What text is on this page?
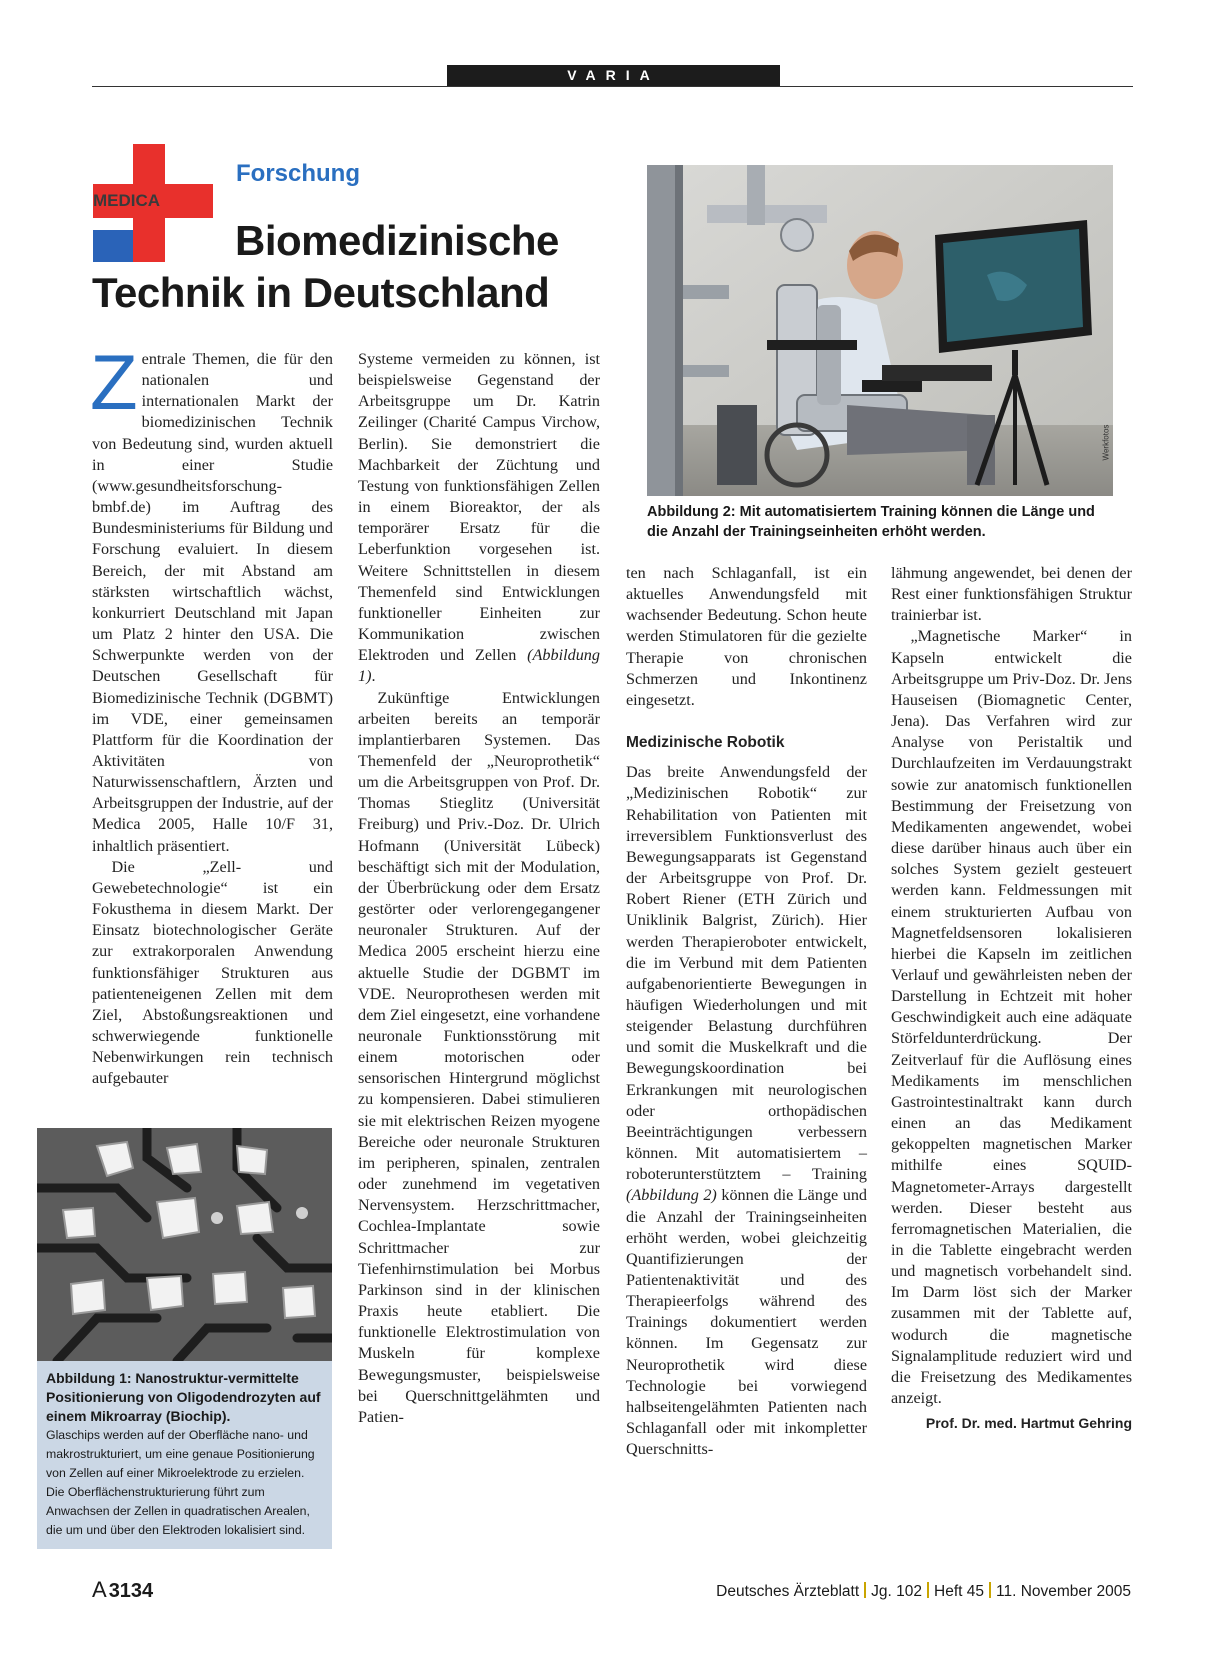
VARIA
MEDICA
Forschung
Biomedizinische
Technik in Deutschland

Zentrale Themen, die für den nationalen und internationalen Markt der biomedizinischen Technik von Bedeutung sind, wurden aktuell in einer Studie (www.gesundheitsforschung-bmbf.de) im Auftrag des Bundesministeriums für Bildung und Forschung evaluiert. In diesem Bereich, der mit Abstand am stärksten wirtschaftlich wächst, konkurriert Deutschland mit Japan um Platz 2 hinter den USA. Die Schwerpunkte werden von der Deutschen Gesellschaft für Biomedizinische Technik (DGBMT) im VDE, einer gemeinsamen Plattform für die Koordination der Aktivitäten von Naturwissenschaftlern, Ärzten und Arbeitsgruppen der Industrie, auf der Medica 2005, Halle 10/F 31, inhaltlich präsentiert.

Die „Zell- und Gewebetechnologie“ ist ein Fokusthema in diesem Markt. Der Einsatz biotechnologischer Geräte zur extrakorporalen Anwendung funktionsfähiger Strukturen aus patienteneigenen Zellen mit dem Ziel, Abstoßungsreaktionen und schwerwiegende funktionelle Nebenwirkungen rein technisch aufgebauter

Systeme vermeiden zu können, ist beispielsweise Gegenstand der Arbeitsgruppe um Dr. Katrin Zeilinger (Charité Campus Virchow, Berlin). Sie demonstriert die Machbarkeit der Züchtung und Testung von funktionsfähigen Zellen in einem Bioreaktor, der als temporärer Ersatz für die Leberfunktion vorgesehen ist. Weitere Schnittstellen in diesem Themenfeld sind Entwicklungen funktioneller Einheiten zur Kommunikation zwischen Elektroden und Zellen (Abbildung 1).

Zukünftige Entwicklungen arbeiten bereits an temporär implantierbaren Systemen. Das Themenfeld der „Neuroprothetik“ um die Arbeitsgruppen von Prof. Dr. Thomas Stieglitz (Universität Freiburg) und Priv.-Doz. Dr. Ulrich Hofmann (Universität Lübeck) beschäftigt sich mit der Modulation, der Überbrückung oder dem Ersatz gestörter oder verlorengegangener neuronaler Strukturen. Auf der Medica 2005 erscheint hierzu eine aktuelle Studie der DGBMT im VDE. Neuroprothesen werden mit dem Ziel eingesetzt, eine vorhandene neuronale Funktionsstörung mit einem motorischen oder sensorischen Hintergrund möglichst zu kompensieren. Dabei stimulieren sie mit elektrischen Reizen myogene Bereiche oder neuronale Strukturen im peripheren, spinalen, zentralen oder zunehmend im vegetativen Nervensystem. Herzschrittmacher, Cochlea-Implantate sowie Schrittmacher zur Tiefenhirnstimulation bei Morbus Parkinson sind in der klinischen Praxis heute etabliert. Die funktionelle Elektrostimulation von Muskeln für komplexe Bewegungsmuster, beispielsweise bei Querschnittgelähmten und Patien-

ten nach Schlaganfall, ist ein aktuelles Anwendungsfeld mit wachsender Bedeutung. Schon heute werden Stimulatoren für die gezielte Therapie von chronischen Schmerzen und Inkontinenz eingesetzt.

Medizinische Robotik

Das breite Anwendungsfeld der „Medizinischen Robotik“ zur Rehabilitation von Patienten mit irreversiblem Funktionsverlust des Bewegungsapparats ist Gegenstand der Arbeitsgruppe von Prof. Dr. Robert Riener (ETH Zürich und Uniklinik Balgrist, Zürich). Hier werden Therapieroboter entwickelt, die im Verbund mit dem Patienten aufgabenorientierte Bewegungen in häufigen Wiederholungen und mit steigender Belastung durchführen und somit die Muskelkraft und die Bewegungskoordination bei Erkrankungen mit neurologischen oder orthopädischen Beeinträchtigungen verbessern können. Mit automatisiertem – roboterunterstütztem – Training (Abbildung 2) können die Länge und die Anzahl der Trainingseinheiten erhöht werden, wobei gleichzeitig Quantifizierungen der Patientenaktivität und des Therapieerfolgs während des Trainings dokumentiert werden können. Im Gegensatz zur Neuroprothetik wird diese Technologie bei vorwiegend halbseitengelähmten Patienten nach Schlaganfall oder mit inkompletter Querschnitts-

lähmung angewendet, bei denen der Rest einer funktionsfähigen Struktur trainierbar ist.

„Magnetische Marker“ in Kapseln entwickelt die Arbeitsgruppe um Priv-Doz. Dr. Jens Hauseisen (Biomagnetic Center, Jena). Das Verfahren wird zur Analyse von Peristaltik und Durchlaufzeiten im Verdauungstrakt sowie zur anatomisch funktionellen Bestimmung der Freisetzung von Medikamenten angewendet, wobei diese darüber hinaus auch über ein solches System gezielt gesteuert werden kann. Feldmessungen mit einem strukturierten Aufbau von Magnetfeldsensoren lokalisieren hierbei die Kapseln im zeitlichen Verlauf und gewährleisten neben der Darstellung in Echtzeit mit hoher Geschwindigkeit auch eine adäquate Störfeldunterdrückung. Der Zeitverlauf für die Auflösung eines Medikaments im menschlichen Gastrointestinaltrakt kann durch einen an das Medikament gekoppelten magnetischen Marker mithilfe eines SQUID-Magnetometer-Arrays dargestellt werden. Dieser besteht aus ferromagnetischen Materialien, die in die Tablette eingebracht werden und magnetisch vorbehandelt sind. Im Darm löst sich der Marker zusammen mit der Tablette auf, wodurch die magnetische Signalamplitude reduziert wird und die Freisetzung des Medikamentes anzeigt.

Prof. Dr. med. Hartmut Gehring

Werkfotos
Abbildung 2: Mit automatisiertem Training können die Länge und die Anzahl der Trainingseinheiten erhöht werden.
Abbildung 1: Nanostruktur-vermittelte Positionierung von Oligodendrozyten auf einem Mikroarray (Biochip).
Glaschips werden auf der Oberfläche nano- und makrostrukturiert, um eine genaue Positionierung von Zellen auf einer Mikroelektrode zu erzielen. Die Oberflächenstrukturierung führt zum Anwachsen der Zellen in quadratischen Arealen, die um und über den Elektroden lokalisiert sind.
A 3134	Deutsches Ärzteblatt Jg. 102 Heft 45 11. November 2005
